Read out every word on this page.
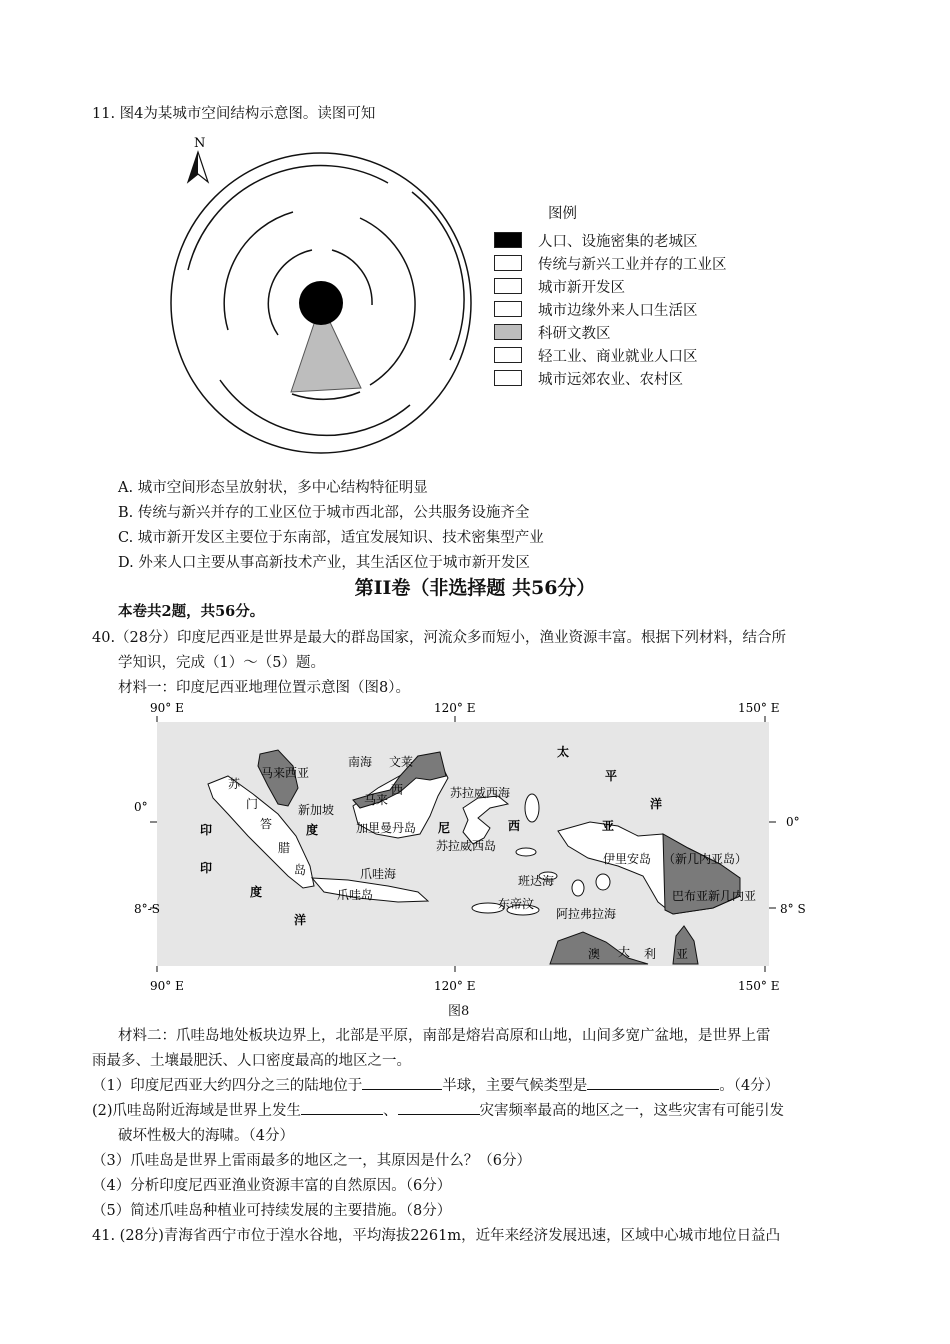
11. 图4为某城市空间结构示意图。读图可知
N
图例
人口、设施密集的老城区
传统与新兴工业并存的工业区
城市新开发区
城市边缘外来人口生活区
科研文教区
轻工业、商业就业人口区
城市远郊农业、农村区
A. 城市空间形态呈放射状，多中心结构特征明显
B. 传统与新兴并存的工业区位于城市西北部，公共服务设施齐全
C. 城市新开发区主要位于东南部，适宜发展知识、技术密集型产业
D. 外来人口主要从事高新技术产业，其生活区位于城市新开发区
第II卷（非选择题 共56分）
本卷共2题，共56分。
40.（28分）印度尼西亚是世界是最大的群岛国家，河流众多而短小，渔业资源丰富。根据下列材料，结合所
学知识，完成（1）～（5）题。
材料一：印度尼西亚地理位置示意图（图8）。
90° E	120° E	150° E
90° E	120° E	150° E
0°
8°-S
0°
8° S
马来西亚
南海 文莱
苏
门
答
腊
岛
新加坡
马来
西
加里曼丹岛
苏拉威西海
尼
苏拉威西岛
西	亚
太
平
洋
印
印
度
洋
度
爪哇海
爪哇岛
班达海
东帝汶
阿拉弗拉海
伊里安岛 （新几内亚岛）
巴布亚新几内亚
澳 大 利 亚
图8
材料二：爪哇岛地处板块边界上，北部是平原，南部是熔岩高原和山地，山间多宽广盆地，是世界上雷
雨最多、土壤最肥沃、人口密度最高的地区之一。
（1）印度尼西亚大约四分之三的陆地位于	半球，主要气候类型是	。（4分）
(2)爪哇岛附近海域是世界上发生	、	灾害频率最高的地区之一，这些灾害有可能引发
破坏性极大的海啸。（4分）
（3）爪哇岛是世界上雷雨最多的地区之一，其原因是什么？（6分）
（4）分析印度尼西亚渔业资源丰富的自然原因。（6分）
（5）简述爪哇岛种植业可持续发展的主要措施。（8分）
41. (28分)青海省西宁市位于湟水谷地，平均海拔2261m，近年来经济发展迅速，区域中心城市地位日益凸
